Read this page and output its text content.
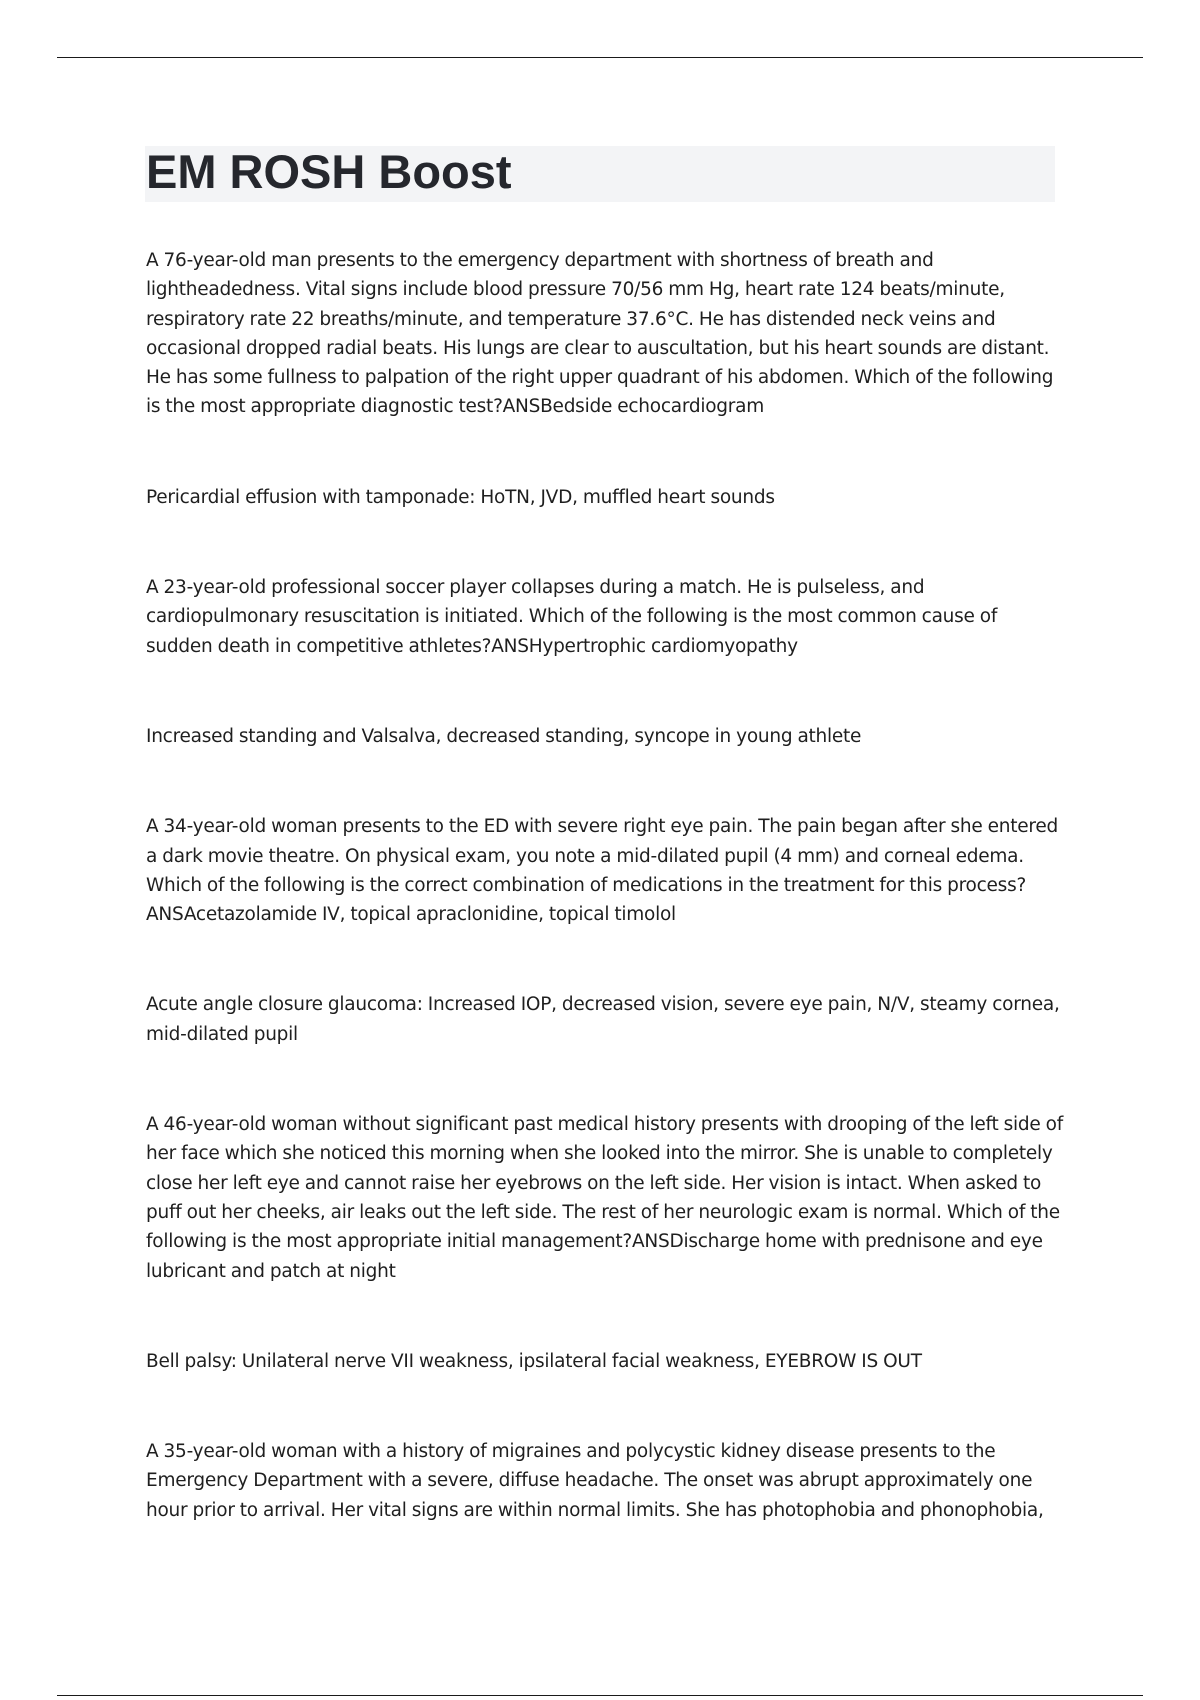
EM ROSH Boost

A 76-year-old man presents to the emergency department with shortness of breath and lightheadedness. Vital signs include blood pressure 70/56 mm Hg, heart rate 124 beats/minute, respiratory rate 22 breaths/minute, and temperature 37.6°C. He has distended neck veins and occasional dropped radial beats. His lungs are clear to auscultation, but his heart sounds are distant. He has some fullness to palpation of the right upper quadrant of his abdomen. Which of the following is the most appropriate diagnostic test?ANSBedside echocardiogram

Pericardial effusion with tamponade: HoTN, JVD, muffled heart sounds

A 23-year-old professional soccer player collapses during a match. He is pulseless, and cardiopulmonary resuscitation is initiated. Which of the following is the most common cause of sudden death in competitive athletes?ANSHypertrophic cardiomyopathy

Increased standing and Valsalva, decreased standing, syncope in young athlete

A 34-year-old woman presents to the ED with severe right eye pain. The pain began after she entered a dark movie theatre. On physical exam, you note a mid-dilated pupil (4 mm) and corneal edema. Which of the following is the correct combination of medications in the treatment for this process?ANSAcetazolamide IV, topical apraclonidine, topical timolol

Acute angle closure glaucoma: Increased IOP, decreased vision, severe eye pain, N/V, steamy cornea, mid-dilated pupil

A 46-year-old woman without significant past medical history presents with drooping of the left side of her face which she noticed this morning when she looked into the mirror. She is unable to completely close her left eye and cannot raise her eyebrows on the left side. Her vision is intact. When asked to puff out her cheeks, air leaks out the left side. The rest of her neurologic exam is normal. Which of the following is the most appropriate initial management?ANSDischarge home with prednisone and eye lubricant and patch at night

Bell palsy: Unilateral nerve VII weakness, ipsilateral facial weakness, EYEBROW IS OUT

A 35-year-old woman with a history of migraines and polycystic kidney disease presents to the Emergency Department with a severe, diffuse headache. The onset was abrupt approximately one hour prior to arrival. Her vital signs are within normal limits. She has photophobia and phonophobia,
